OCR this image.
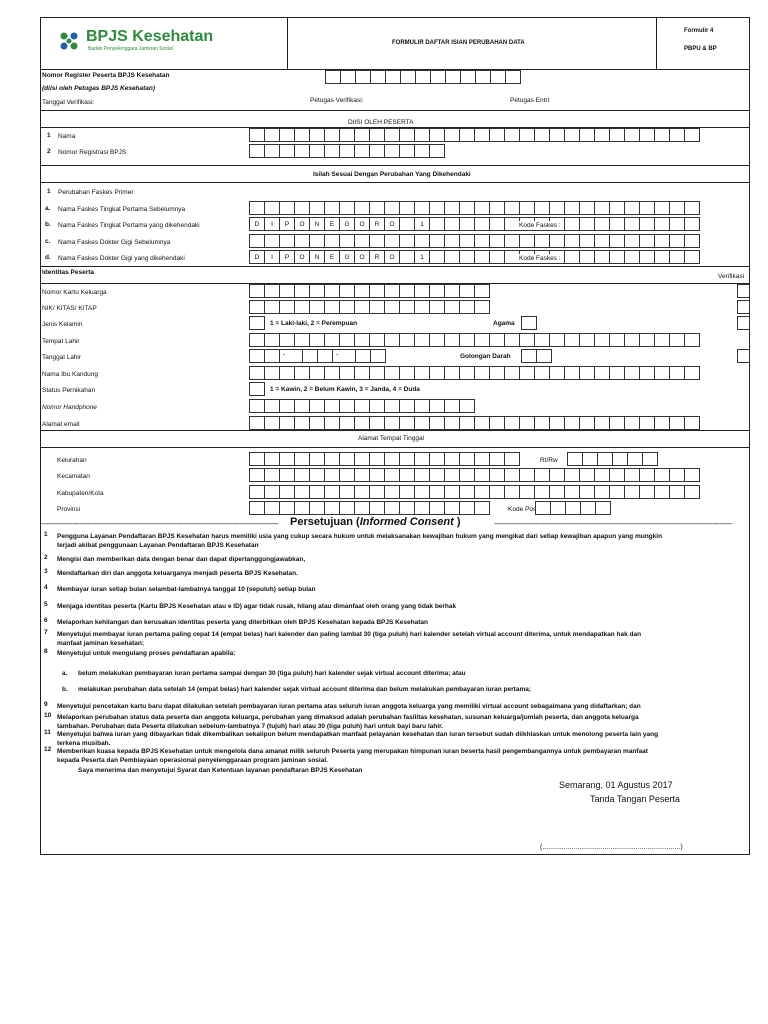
BPJS Kesehatan
Badan Penyelenggara Jaminan Sosial
FORMULIR DAFTAR ISIAN PERUBAHAN DATA
Formulir 4
PBPU & BP
Nomor Register Peserta BPJS Kesehatan
(diisi oleh Petugas BPJS Kesehatan)
Tanggal Verifikasi:	Petugas Verifikasi:	Petugas Entri:
DIISI OLEH PESERTA
1 Nama
2 Nomor Registrasi BPJS
Isilah Sesuai Dengan Perubahan Yang Dikehendaki
1 Perubahan Faskes Primer
a. Nama Faskes Tingkat Pertama Sebelumnya
b. Nama Faskes Tingkat Pertama yang dikehendaki	D	I	P	O	N	E	G	O	R	O	1	Kode Faskes :
c. Nama Faskes Dokter Gigi Sebelumnya
d. Nama Faskes Dokter Gigi yang dikehendaki	D	I	P	O	N	E	G	O	R	O	1	Kode Faskes :
Identitas Peserta
Verifikasi
Nomor Kartu Keluarga
NIK/ KITAS/ KITAP
Jenis Kelamin	1 = Laki-laki, 2 = Perempuan	Agama
Tempat Lahir
Tanggal Lahir	-	-	Golongan Darah
Nama Ibu Kandung
Status Pernikahan	1 = Kawin, 2 = Belum Kawin, 3 = Janda, 4 = Duda
Nomor Handphone
Alamat email
Alamat Tempat Tinggal
Kelurahan	Rt/Rw
Kecamatan
Kabupaten/Kota
Provinsi	Kode Pos
--------------------------------------------------------------------------------------------------------------	Persetujuan (Informed Consent )	--------------------------------------------------------------------------------------------------------------
1 Pengguna Layanan Pendaftaran BPJS Kesehatan harus memiliki usia yang cukup secara hukum untuk melaksanakan kewajiban hukum yang mengikat dari setiap kewajiban apapun yang mungkin
terjadi akibat penggunaan Layanan Pendaftaran BPJS Kesehatan
2 Mengisi dan memberikan data dengan benar dan dapat dipertanggungjawabkan,
3 Mendaftarkan diri dan anggota keluarganya menjadi peserta BPJS Kesehatan.
4 Membayar iuran setiap bulan selambat-lambatnya tanggal 10 (sepuluh) setiap bulan
5 Menjaga identitas peserta (Kartu BPJS Kesehatan atau e ID) agar tidak rusak, hilang atau dimanfaat oleh orang yang tidak berhak
6 Melaporkan kehilangan dan kerusakan identitas peserta yang diterbitkan oleh BPJS Kesehatan kepada BPJS Kesehatan
7 Menyetujui membayar iuran pertama paling cepat 14 (empat belas) hari kalender dan paling lambat 30 (tiga puluh) hari kalender setelah virtual account diterima, untuk mendapatkan hak dan
manfaat jaminan kesehatan;
8 Menyetujui untuk mengulang proses pendaftaran apabila:
9 Menyetujui pencetakan kartu baru dapat dilakukan setelah pembayaran iuran pertama atas seluruh iuran anggota keluarga yang memiliki virtual account sebagaimana yang didaftarkan; dan
10 Melaporkan perubahan status data peserta dan anggota keluarga, perubahan yang dimaksud adalah perubahan fasilitas kesehatan, susunan keluarga/jumlah peserta, dan anggota keluarga
tambahan. Perubahan data Peserta dilakukan sebelum-lambatnya 7 (tujuh) hari atau 30 (tiga puluh) hari untuk bayi baru lahir.
11 Menyetujui bahwa iuran yang dibayarkan tidak dikembalikan sekalipun belum mendapatkan manfaat pelayanan kesehatan dan iuran tersebut sudah diikhlaskan untuk menolong peserta lain yang
terkena musibah.
12 Memberikan kuasa kepada BPJS Kesehatan untuk mengelola dana amanat milik seluruh Peserta yang merupakan himpunan iuran beserta hasil pengembangannya untuk pembayaran manfaat
kepada Peserta dan Pembiayaan operasional penyelenggaraan program jaminan sosial.
a. belum melakukan pembayaran iuran pertama sampai dengan 30 (tiga puluh) hari kalender sejak virtual account diterima; atau
b. melakukan perubahan data setelah 14 (empat belas) hari kalender sejak virtual account diterima dan belum melakukan pembayaran iuran pertama;
Saya menerima dan menyetujui Syarat dan Ketentuan layanan pendaftaran BPJS Kesehatan
Semarang, 01 Agustus 2017
Tanda Tangan Peserta
(.......................................................................)
